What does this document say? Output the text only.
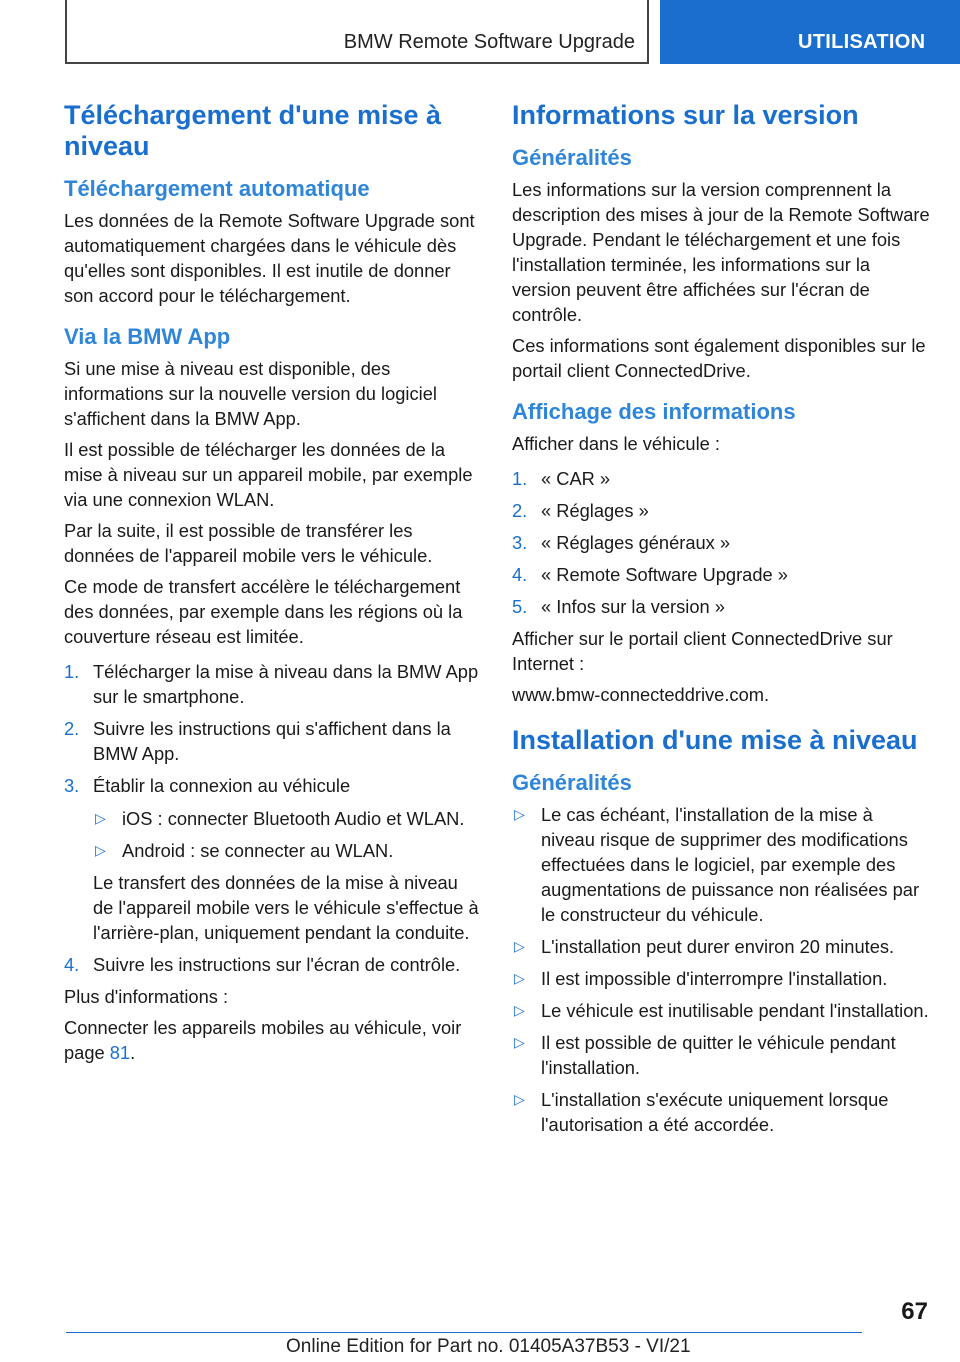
BMW Remote Software Upgrade	UTILISATION
Téléchargement d'une mise à niveau
Téléchargement automatique

Les données de la Remote Software Upgrade sont automatiquement chargées dans le véhicule dès qu'elles sont disponibles. Il est inutile de donner son accord pour le téléchargement.

Via la BMW App

Si une mise à niveau est disponible, des informations sur la nouvelle version du logiciel s'affichent dans la BMW App.

Il est possible de télécharger les données de la mise à niveau sur un appareil mobile, par exemple via une connexion WLAN.

Par la suite, il est possible de transférer les données de l'appareil mobile vers le véhicule.

Ce mode de transfert accélère le téléchargement des données, par exemple dans les régions où la couverture réseau est limitée.

1. Télécharger la mise à niveau dans la BMW App sur le smartphone.
2. Suivre les instructions qui s'affichent dans la BMW App.
3. Établir la connexion au véhicule
▷ iOS : connecter Bluetooth Audio et WLAN.
▷ Android : se connecter au WLAN.
Le transfert des données de la mise à niveau de l'appareil mobile vers le véhicule s'effectue à l'arrière-plan, uniquement pendant la conduite.
4. Suivre les instructions sur l'écran de contrôle.

Plus d'informations :

Connecter les appareils mobiles au véhicule, voir page 81.

Informations sur la version
Généralités

Les informations sur la version comprennent la description des mises à jour de la Remote Software Upgrade. Pendant le téléchargement et une fois l'installation terminée, les informations sur la version peuvent être affichées sur l'écran de contrôle.

Ces informations sont également disponibles sur le portail client ConnectedDrive.

Affichage des informations

Afficher dans le véhicule :

1. « CAR »
2. « Réglages »
3. « Réglages généraux »
4. « Remote Software Upgrade »
5. « Infos sur la version »

Afficher sur le portail client ConnectedDrive sur Internet :

www.bmw-connecteddrive.com.

Installation d'une mise à niveau
Généralités
▷ Le cas échéant, l'installation de la mise à niveau risque de supprimer des modifications effectuées dans le logiciel, par exemple des augmentations de puissance non réalisées par le constructeur du véhicule.
▷ L'installation peut durer environ 20 minutes.
▷ Il est impossible d'interrompre l'installation.
▷ Le véhicule est inutilisable pendant l'installation.
▷ Il est possible de quitter le véhicule pendant l'installation.
▷ L'installation s'exécute uniquement lorsque l'autorisation a été accordée.
67
Online Edition for Part no. 01405A37B53 - VI/21
